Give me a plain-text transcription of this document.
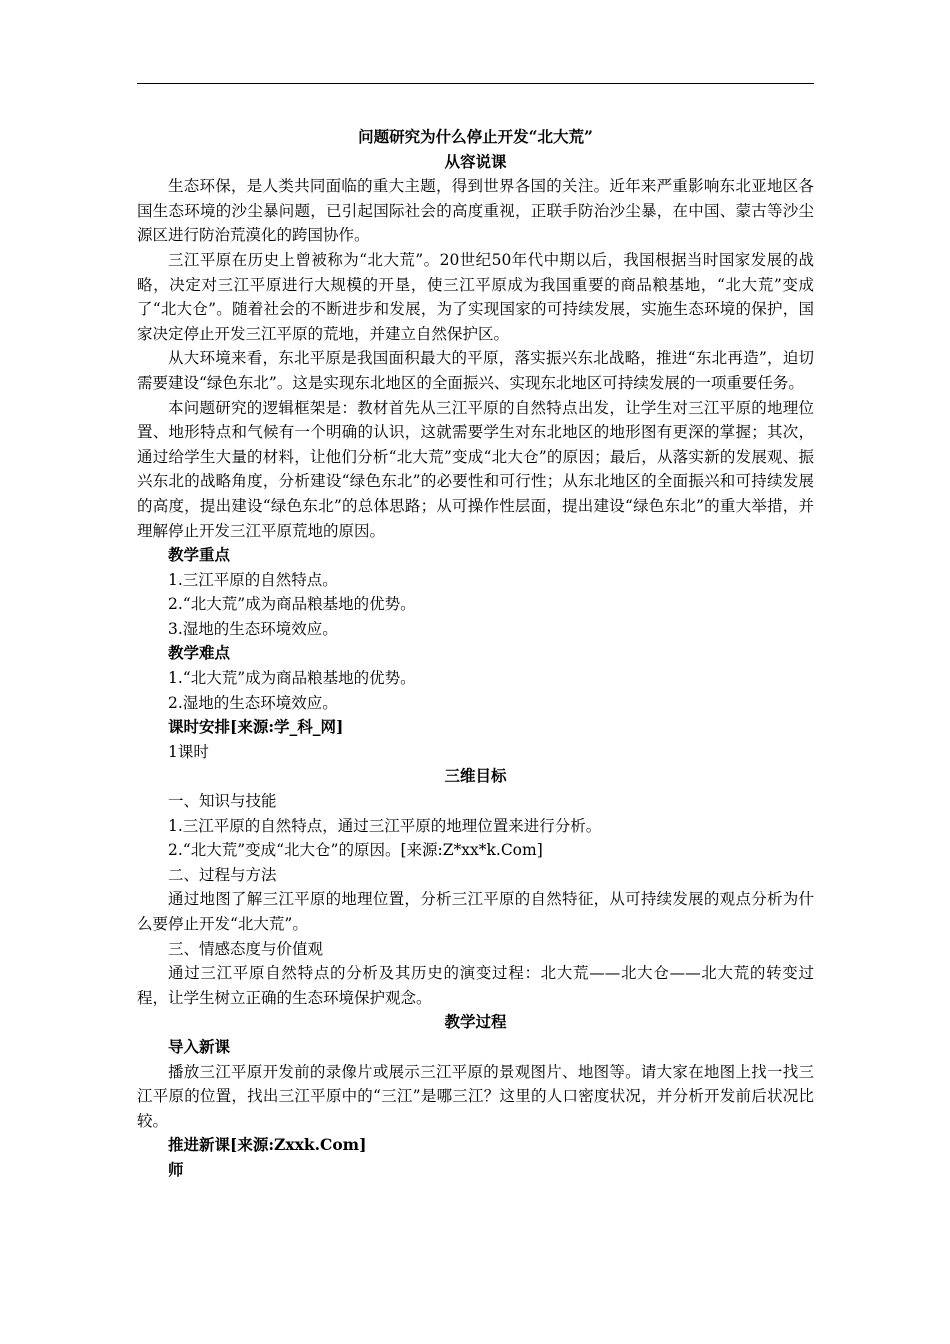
问题研究为什么停止开发“北大荒”

从容说课

生态环保，是人类共同面临的重大主题，得到世界各国的关注。近年来严重影响东北亚地区各国生态环境的沙尘暴问题，已引起国际社会的高度重视，正联手防治沙尘暴，在中国、蒙古等沙尘源区进行防治荒漠化的跨国协作。

三江平原在历史上曾被称为“北大荒”。20世纪50年代中期以后，我国根据当时国家发展的战略，决定对三江平原进行大规模的开垦，使三江平原成为我国重要的商品粮基地，“北大荒”变成了“北大仓”。随着社会的不断进步和发展，为了实现国家的可持续发展，实施生态环境的保护，国家决定停止开发三江平原的荒地，并建立自然保护区。

从大环境来看，东北平原是我国面积最大的平原，落实振兴东北战略，推进“东北再造”，迫切需要建设“绿色东北”。这是实现东北地区的全面振兴、实现东北地区可持续发展的一项重要任务。

本问题研究的逻辑框架是：教材首先从三江平原的自然特点出发，让学生对三江平原的地理位置、地形特点和气候有一个明确的认识，这就需要学生对东北地区的地形图有更深的掌握；其次，通过给学生大量的材料，让他们分析“北大荒”变成“北大仓”的原因；最后，从落实新的发展观、振兴东北的战略角度，分析建设“绿色东北”的必要性和可行性；从东北地区的全面振兴和可持续发展的高度，提出建设“绿色东北”的总体思路；从可操作性层面，提出建设“绿色东北”的重大举措，并理解停止开发三江平原荒地的原因。

教学重点

1.三江平原的自然特点。

2.“北大荒”成为商品粮基地的优势。

3.湿地的生态环境效应。

教学难点

1.“北大荒”成为商品粮基地的优势。

2.湿地的生态环境效应。

课时安排[来源:学_科_网]

1课时

三维目标

一、知识与技能

1.三江平原的自然特点，通过三江平原的地理位置来进行分析。

2.“北大荒”变成“北大仓”的原因。[来源:Z*xx*k.Com]

二、过程与方法

通过地图了解三江平原的地理位置，分析三江平原的自然特征，从可持续发展的观点分析为什么要停止开发“北大荒”。

三、情感态度与价值观

通过三江平原自然特点的分析及其历史的演变过程：北大荒——北大仓——北大荒的转变过程，让学生树立正确的生态环境保护观念。

教学过程

导入新课

播放三江平原开发前的录像片或展示三江平原的景观图片、地图等。请大家在地图上找一找三江平原的位置，找出三江平原中的“三江”是哪三江？这里的人口密度状况，并分析开发前后状况比较。

推进新课[来源:Zxxk.Com]

师
